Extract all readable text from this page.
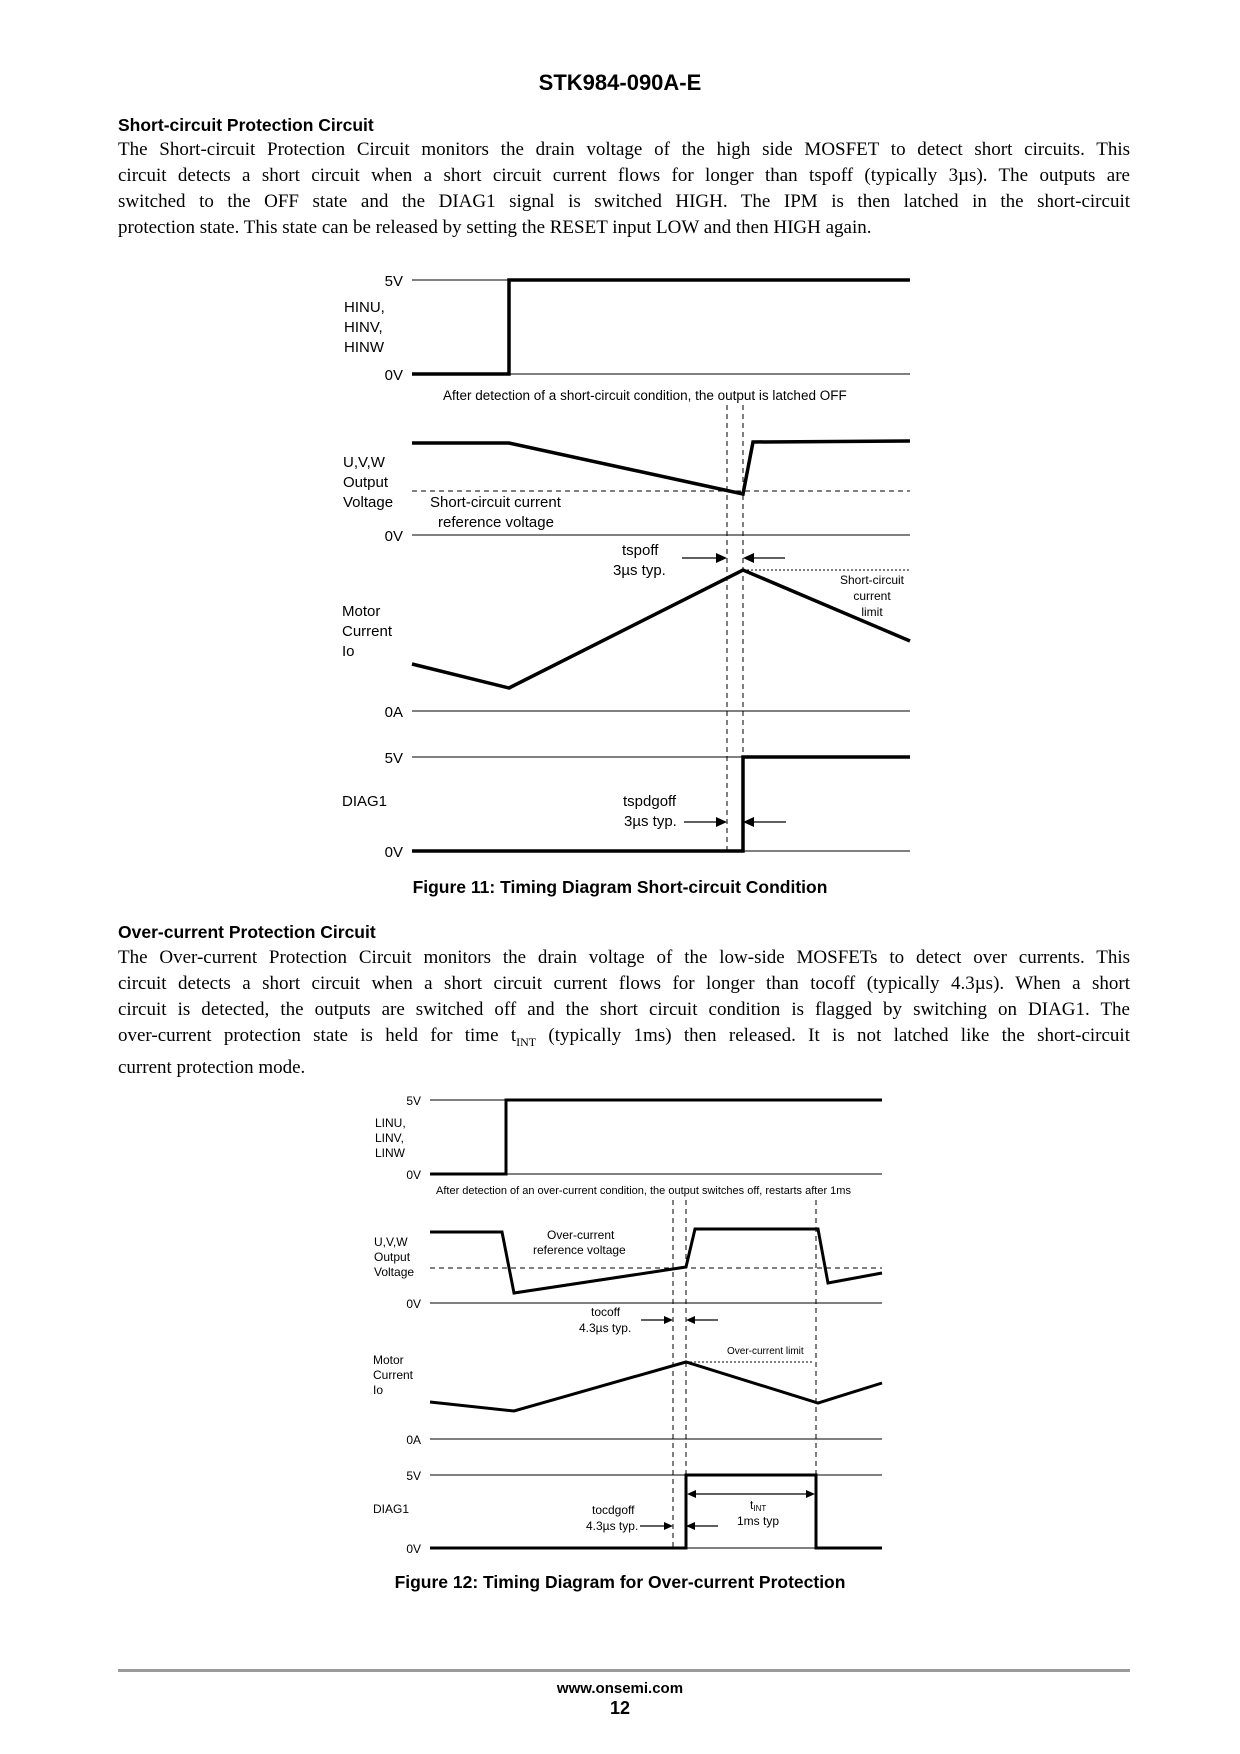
STK984-090A-E
Short-circuit Protection Circuit
The Short-circuit Protection Circuit monitors the drain voltage of the high side MOSFET to detect short circuits. This
circuit detects a short circuit when a short circuit current flows for longer than tspoff (typically 3µs). The outputs are
switched to the OFF state and the DIAG1 signal is switched HIGH. The IPM is then latched in the short-circuit
protection state. This state can be released by setting the RESET input LOW and then HIGH again.
5V
0V
HINU,
HINV,
HINW
After detection of a short-circuit condition, the output is latched OFF
U,V,W
Output
Voltage Short-circuit current
reference voltage
0V
tspoff
3µs typ.
Short-circuit
current
limit
Motor
Current
Io
0A
5V
DIAG1	tspdgoff
3µs typ.
0V
Figure 11: Timing Diagram Short-circuit Condition
Over-current Protection Circuit
The Over-current Protection Circuit monitors the drain voltage of the low-side MOSFETs to detect over currents. This
circuit detects a short circuit when a short circuit current flows for longer than tocoff (typically 4.3µs). When a short
circuit is detected, the outputs are switched off and the short circuit condition is flagged by switching on DIAG1. The
over-current protection state is held for time $t_{INT}$ (typically 1ms) then released. It is not latched like the short-circuit
current protection mode.
5V
0V
LINU,
LINV,
LINW
After detection of an over-current condition, the output switches off, restarts after 1ms
Over-current
reference voltage
U,V,W
Output
Voltage
0V
tocoff
4.3µs typ.
Over-current limit
Motor
Current
Io
0A
5V
DIAG1	tocdgoff
4.3µs typ.
tINT
1ms typ
0V
Figure 12: Timing Diagram for Over-current Protection
www.onsemi.com
12
